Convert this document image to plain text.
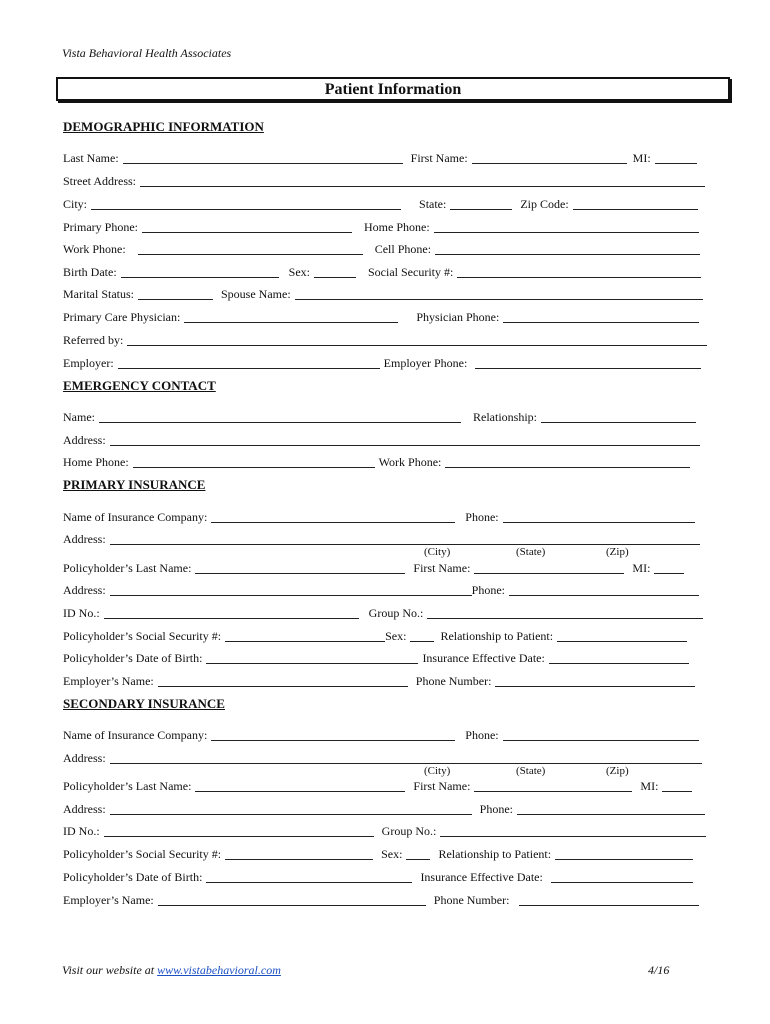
Vista Behavioral Health Associates
Patient Information
DEMOGRAPHIC INFORMATION
Last Name:	First Name:	MI:
Street Address:
City:	State:	Zip Code:
Primary Phone:	Home Phone:
Work Phone:	Cell Phone:
Birth Date:	Sex:	Social Security #:
Marital Status:	Spouse Name:
Primary Care Physician:	Physician Phone:
Referred by:
Employer:	Employer Phone:
EMERGENCY CONTACT
Name:	Relationship:
Address:
Home Phone:	Work Phone:
PRIMARY INSURANCE
Name of Insurance Company:	Phone:
Address:
(City)	(State)	(Zip)
Policyholder’s Last Name:	First Name:	MI:
Address:	Phone:
ID No.:	Group No.:
Policyholder’s Social Security #:	Sex:	Relationship to Patient:
Policyholder’s Date of Birth:	Insurance Effective Date:
Employer’s Name:	Phone Number:
SECONDARY INSURANCE
Name of Insurance Company:	Phone:
Address:
(City)	(State)	(Zip)
Policyholder’s Last Name:	First Name:	MI:
Address:	Phone:
ID No.:	Group No.:
Policyholder’s Social Security #:	Sex:	Relationship to Patient:
Policyholder’s Date of Birth:	Insurance Effective Date:
Employer’s Name:	Phone Number:
Visit our website at www.vistabehavioral.com	4/16
